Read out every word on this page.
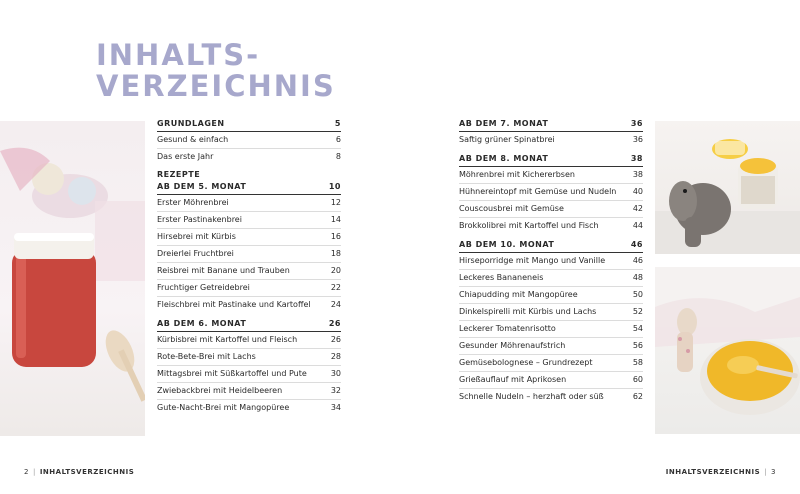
INHALTS-
VERZEICHNIS
GRUNDLAGEN	5
Gesund & einfach	6
Das erste Jahr	8
REZEPTE
AB DEM 5. MONAT	10
Erster Möhrenbrei	12
Erster Pastinakenbrei	14
Hirsebrei mit Kürbis	16
Dreierlei Fruchtbrei	18
Reisbrei mit Banane und Trauben	20
Fruchtiger Getreidebrei	22
Fleischbrei mit Pastinake und Kartoffel	24
AB DEM 6. MONAT	26
Kürbisbrei mit Kartoffel und Fleisch	26
Rote-Bete-Brei mit Lachs	28
Mittagsbrei mit Süßkartoffel und Pute	30
Zwiebackbrei mit Heidelbeeren	32
Gute-Nacht-Brei mit Mangopüree	34
AB DEM 7. MONAT	36
Saftig grüner Spinatbrei	36
AB DEM 8. MONAT	38
Möhrenbrei mit Kichererbsen	38
Hühnereintopf mit Gemüse und Nudeln 40
Couscousbrei mit Gemüse	42
Brokkolibrei mit Kartoffel und Fisch	44
AB DEM 10. MONAT	46
Hirseporridge mit Mango und Vanille	46
Leckeres Bananeneis	48
Chiapudding mit Mangopüree	50
Dinkelspirelli mit Kürbis und Lachs	52
Leckerer Tomatenrisotto	54
Gesunder Möhrenaufstrich	56
Gemüsebolognese – Grundrezept	58
Grießauflauf mit Aprikosen	60
Schnelle Nudeln – herzhaft oder süß	62
2 | INHALTSVERZEICHNIS	INHALTSVERZEICHNIS | 3
